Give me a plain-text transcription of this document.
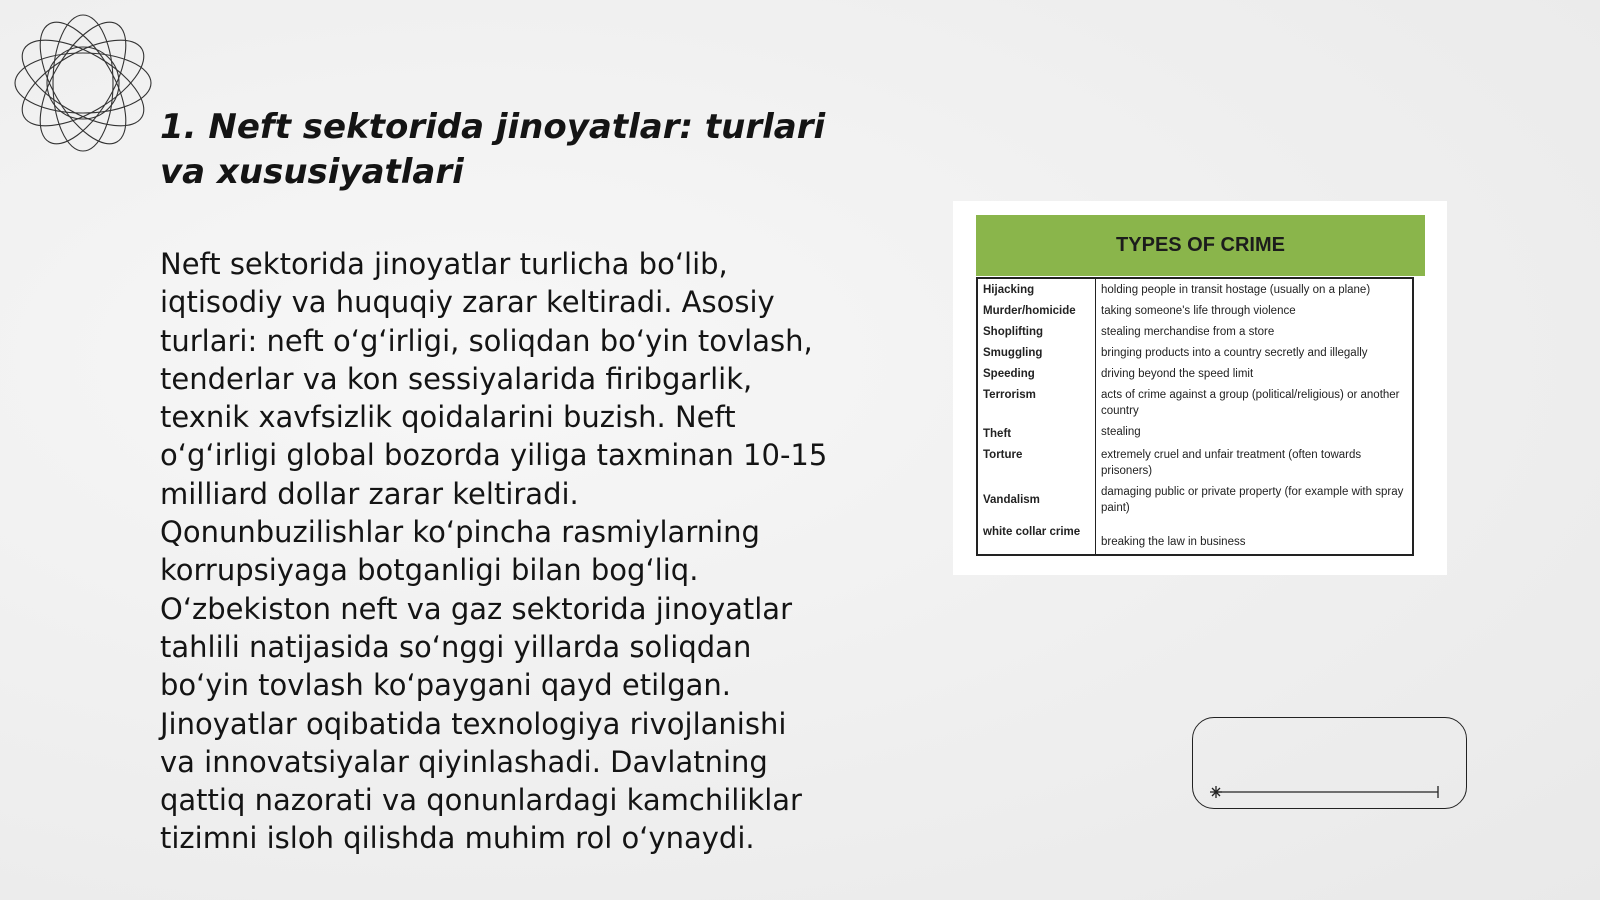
1. Neft sektorida jinoyatlar: turlari va xususiyatlari

Neft sektorida jinoyatlar turlicha bo‘lib,
iqtisodiy va huquqiy zarar keltiradi. Asosiy
turlari: neft o‘g‘irligi, soliqdan bo‘yin tovlash,
tenderlar va kon sessiyalarida firibgarlik,
texnik xavfsizlik qoidalarini buzish. Neft
o‘g‘irligi global bozorda yiliga taxminan 10-15
milliard dollar zarar keltiradi.
Qonunbuzilishlar ko‘pincha rasmiylarning
korrupsiyaga botganligi bilan bog‘liq.
O‘zbekiston neft va gaz sektorida jinoyatlar
tahlili natijasida so‘nggi yillarda soliqdan
bo‘yin tovlash ko‘paygani qayd etilgan.
Jinoyatlar oqibatida texnologiya rivojlanishi
va innovatsiyalar qiyinlashadi. Davlatning
qattiq nazorati va qonunlardagi kamchiliklar
tizimni isloh qilishda muhim rol o‘ynaydi.

TYPES OF CRIME
Hijacking	holding people in transit hostage (usually on a plane)
Murder/homicide	taking someone's life through violence
Shoplifting	stealing merchandise from a store
Smuggling	bringing products into a country secretly and illegally
Speeding	driving beyond the speed limit
Terrorism	acts of crime against a group (political/religious) or another country
Theft	stealing
Torture	extremely cruel and unfair treatment (often towards prisoners)
Vandalism	damaging public or private property (for example with spray paint)
white collar crime	breaking the law in business
